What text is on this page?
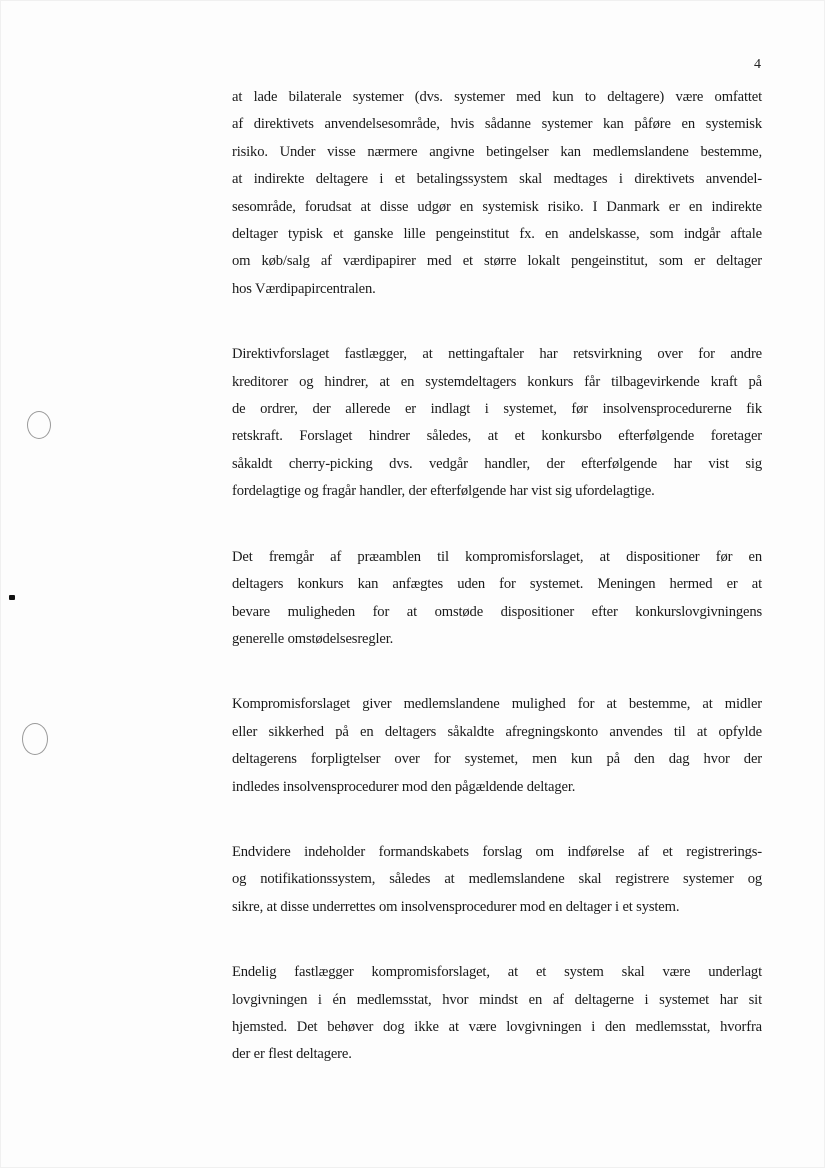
4

at lade bilaterale systemer (dvs. systemer med kun to deltagere) være omfattet
af direktivets anvendelsesområde, hvis sådanne systemer kan påføre en systemisk
risiko. Under visse nærmere angivne betingelser kan medlemslandene bestemme,
at indirekte deltagere i et betalingssystem skal medtages i direktivets anvendel-
sesområde, forudsat at disse udgør en systemisk risiko. I Danmark er en indirekte
deltager typisk et ganske lille pengeinstitut fx. en andelskasse, som indgår aftale
om køb/salg af værdipapirer med et større lokalt pengeinstitut, som er deltager
hos Værdipapircentralen.

Direktivforslaget fastlægger, at nettingaftaler har retsvirkning over for andre
kreditorer og hindrer, at en systemdeltagers konkurs får tilbagevirkende kraft på
de ordrer, der allerede er indlagt i systemet, før insolvensprocedurerne fik
retskraft. Forslaget hindrer således, at et konkursbo efterfølgende foretager
såkaldt cherry-picking dvs. vedgår handler, der efterfølgende har vist sig
fordelagtige og fragår handler, der efterfølgende har vist sig ufordelagtige.

Det fremgår af præamblen til kompromisforslaget, at dispositioner før en
deltagers konkurs kan anfægtes uden for systemet. Meningen hermed er at
bevare muligheden for at omstøde dispositioner efter konkurslovgivningens
generelle omstødelsesregler.

Kompromisforslaget giver medlemslandene mulighed for at bestemme, at midler
eller sikkerhed på en deltagers såkaldte afregningskonto anvendes til at opfylde
deltagerens forpligtelser over for systemet, men kun på den dag hvor der
indledes insolvensprocedurer mod den pågældende deltager.

Endvidere indeholder formandskabets forslag om indførelse af et registrerings-
og notifikationssystem, således at medlemslandene skal registrere systemer og
sikre, at disse underrettes om insolvensprocedurer mod en deltager i et system.

Endelig fastlægger kompromisforslaget, at et system skal være underlagt
lovgivningen i én medlemsstat, hvor mindst en af deltagerne i systemet har sit
hjemsted. Det behøver dog ikke at være lovgivningen i den medlemsstat, hvorfra
der er flest deltagere.
